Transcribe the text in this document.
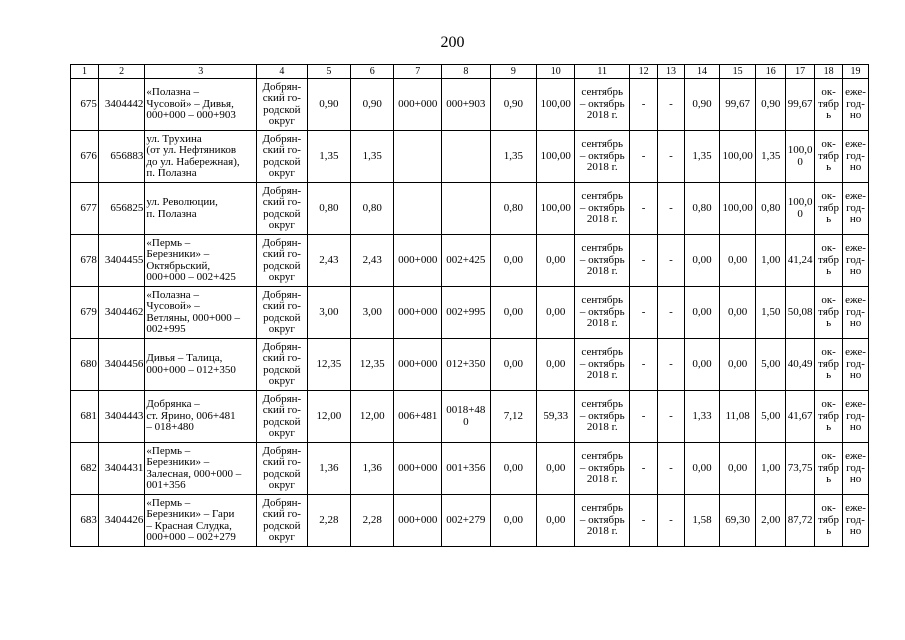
200
1	2	3	4	5	6	7	8	9	10	11	12	13	14	15	16	17	18	19
675	3404442	«Полазна –
Чусовой» – Дивья,
000+000 – 000+903	Добрян-
ский го-
родской
округ	0,90	0,90	000+000	000+903	0,90	100,00	сентябрь
– октябрь
2018 г.	-	-	0,90	99,67	0,90	99,67	ок-
тябрь	еже-
год-
но
676	656883	ул. Трухина
(от ул. Нефтяников
до ул. Набережная),
п. Полазна	Добрян-
ский го-
родской
округ	1,35	1,35			1,35	100,00	сентябрь
– октябрь
2018 г.	-	-	1,35	100,00	1,35	100,0
0	ок-
тябрь	еже-
год-
но
677	656825	ул. Революции,
п. Полазна	Добрян-
ский го-
родской
округ	0,80	0,80			0,80	100,00	сентябрь
– октябрь
2018 г.	-	-	0,80	100,00	0,80	100,0
0	ок-
тябрь	еже-
год-
но
678	3404455	«Пермь –
Березники» –
Октябрьский,
000+000 – 002+425	Добрян-
ский го-
родской
округ	2,43	2,43	000+000	002+425	0,00	0,00	сентябрь
– октябрь
2018 г.	-	-	0,00	0,00	1,00	41,24	ок-
тябрь	еже-
год-
но
679	3404462	«Полазна –
Чусовой» –
Ветляны, 000+000 –
002+995	Добрян-
ский го-
родской
округ	3,00	3,00	000+000	002+995	0,00	0,00	сентябрь
– октябрь
2018 г.	-	-	0,00	0,00	1,50	50,08	ок-
тябрь	еже-
год-
но
680	3404456	Дивья – Талица,
000+000 – 012+350	Добрян-
ский го-
родской
округ	12,35	12,35	000+000	012+350	0,00	0,00	сентябрь
– октябрь
2018 г.	-	-	0,00	0,00	5,00	40,49	ок-
тябрь	еже-
год-
но
681	3404443	Добрянка –
ст. Ярино, 006+481
– 018+480	Добрян-
ский го-
родской
округ	12,00	12,00	006+481	0018+48
0	7,12	59,33	сентябрь
– октябрь
2018 г.	-	-	1,33	11,08	5,00	41,67	ок-
тябрь	еже-
год-
но
682	3404431	«Пермь –
Березники» –
Залесная, 000+000 –
001+356	Добрян-
ский го-
родской
округ	1,36	1,36	000+000	001+356	0,00	0,00	сентябрь
– октябрь
2018 г.	-	-	0,00	0,00	1,00	73,75	ок-
тябрь	еже-
год-
но
683	3404426	«Пермь –
Березники» – Гари
– Красная Слудка,
000+000 – 002+279	Добрян-
ский го-
родской
округ	2,28	2,28	000+000	002+279	0,00	0,00	сентябрь
– октябрь
2018 г.	-	-	1,58	69,30	2,00	87,72	ок-
тябрь	еже-
год-
но
